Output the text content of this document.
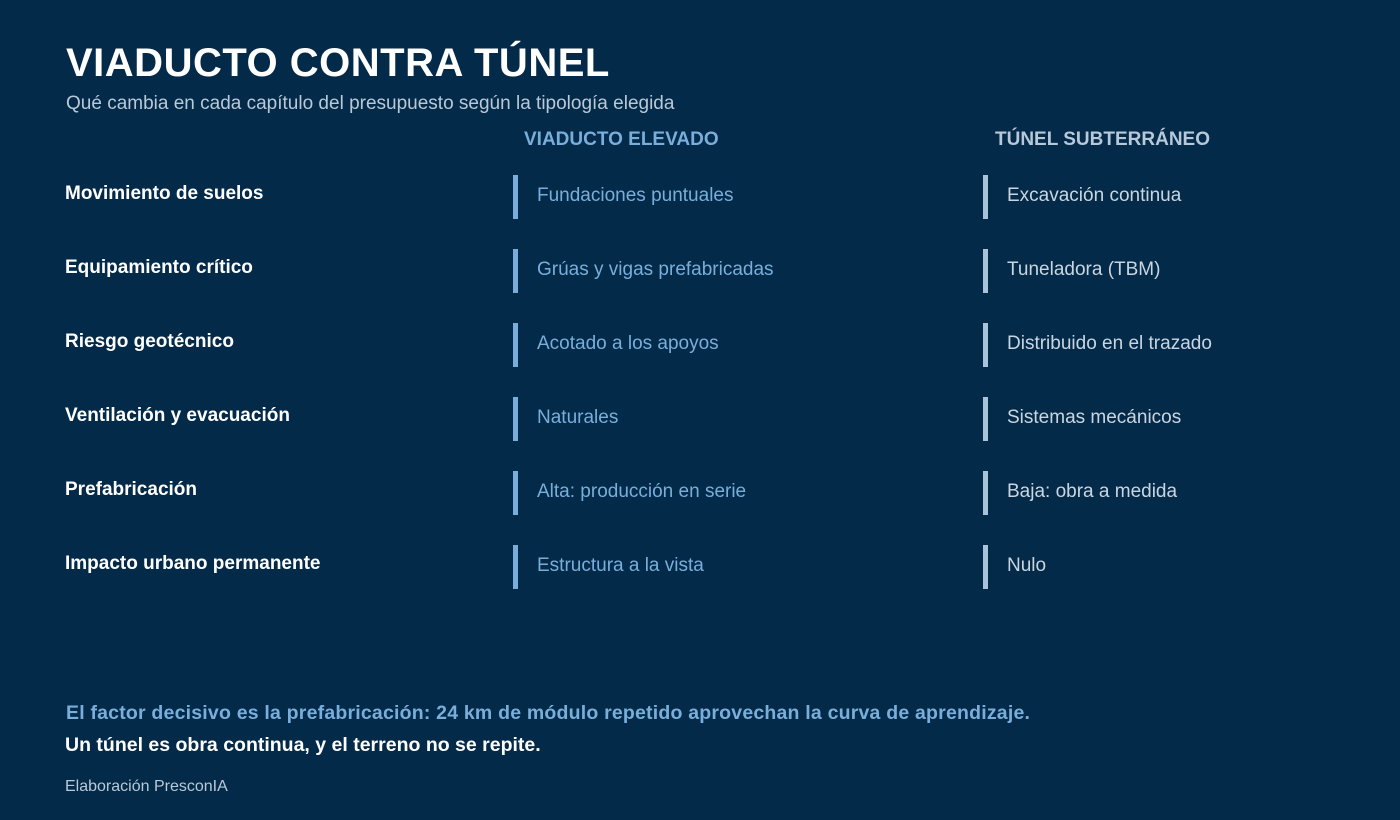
VIADUCTO CONTRA TÚNEL
Qué cambia en cada capítulo del presupuesto según la tipología elegida
VIADUCTO ELEVADO	TÚNEL SUBTERRÁNEO
Movimiento de suelos	Fundaciones puntuales	Excavación continua
Equipamiento crítico	Grúas y vigas prefabricadas	Tuneladora (TBM)
Riesgo geotécnico	Acotado a los apoyos	Distribuido en el trazado
Ventilación y evacuación	Naturales	Sistemas mecánicos
Prefabricación	Alta: producción en serie	Baja: obra a medida
Impacto urbano permanente	Estructura a la vista	Nulo
El factor decisivo es la prefabricación: 24 km de módulo repetido aprovechan la curva de aprendizaje.
Un túnel es obra continua, y el terreno no se repite.
Elaboración PresconIA
